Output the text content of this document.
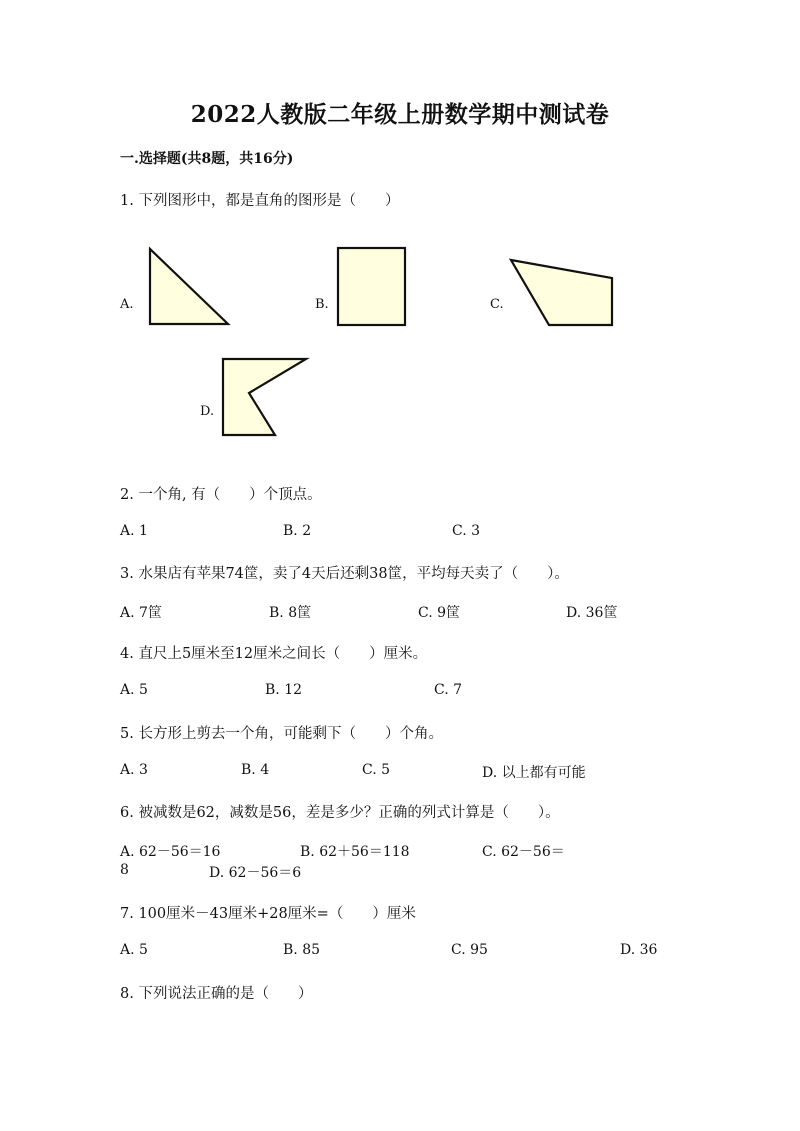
2022人教版二年级上册数学期中测试卷
一.选择题(共8题，共16分)
1. 下列图形中，都是直角的图形是（　　）
A.	B.	C.
D.
2. 一个角, 有（　　）个顶点。
A. 1	B. 2	C. 3
3. 水果店有苹果74筐，卖了4天后还剩38筐，平均每天卖了（　　）。
A. 7筐	B. 8筐	C. 9筐	D. 36筐
4. 直尺上5厘米至12厘米之间长（　　）厘米。
A. 5	B. 12	C. 7
5. 长方形上剪去一个角，可能剩下（　　）个角。
A. 3	B. 4	C. 5	D. 以上都有可能
6. 被减数是62，减数是56，差是多少？正确的列式计算是（　　）。
A. 62－56＝16	B. 62＋56＝118	C. 62－56＝
8	D. 62－56＝6
7. 100厘米－43厘米+28厘米=（　　）厘米
A. 5	B. 85	C. 95	D. 36
8. 下列说法正确的是（　　）
